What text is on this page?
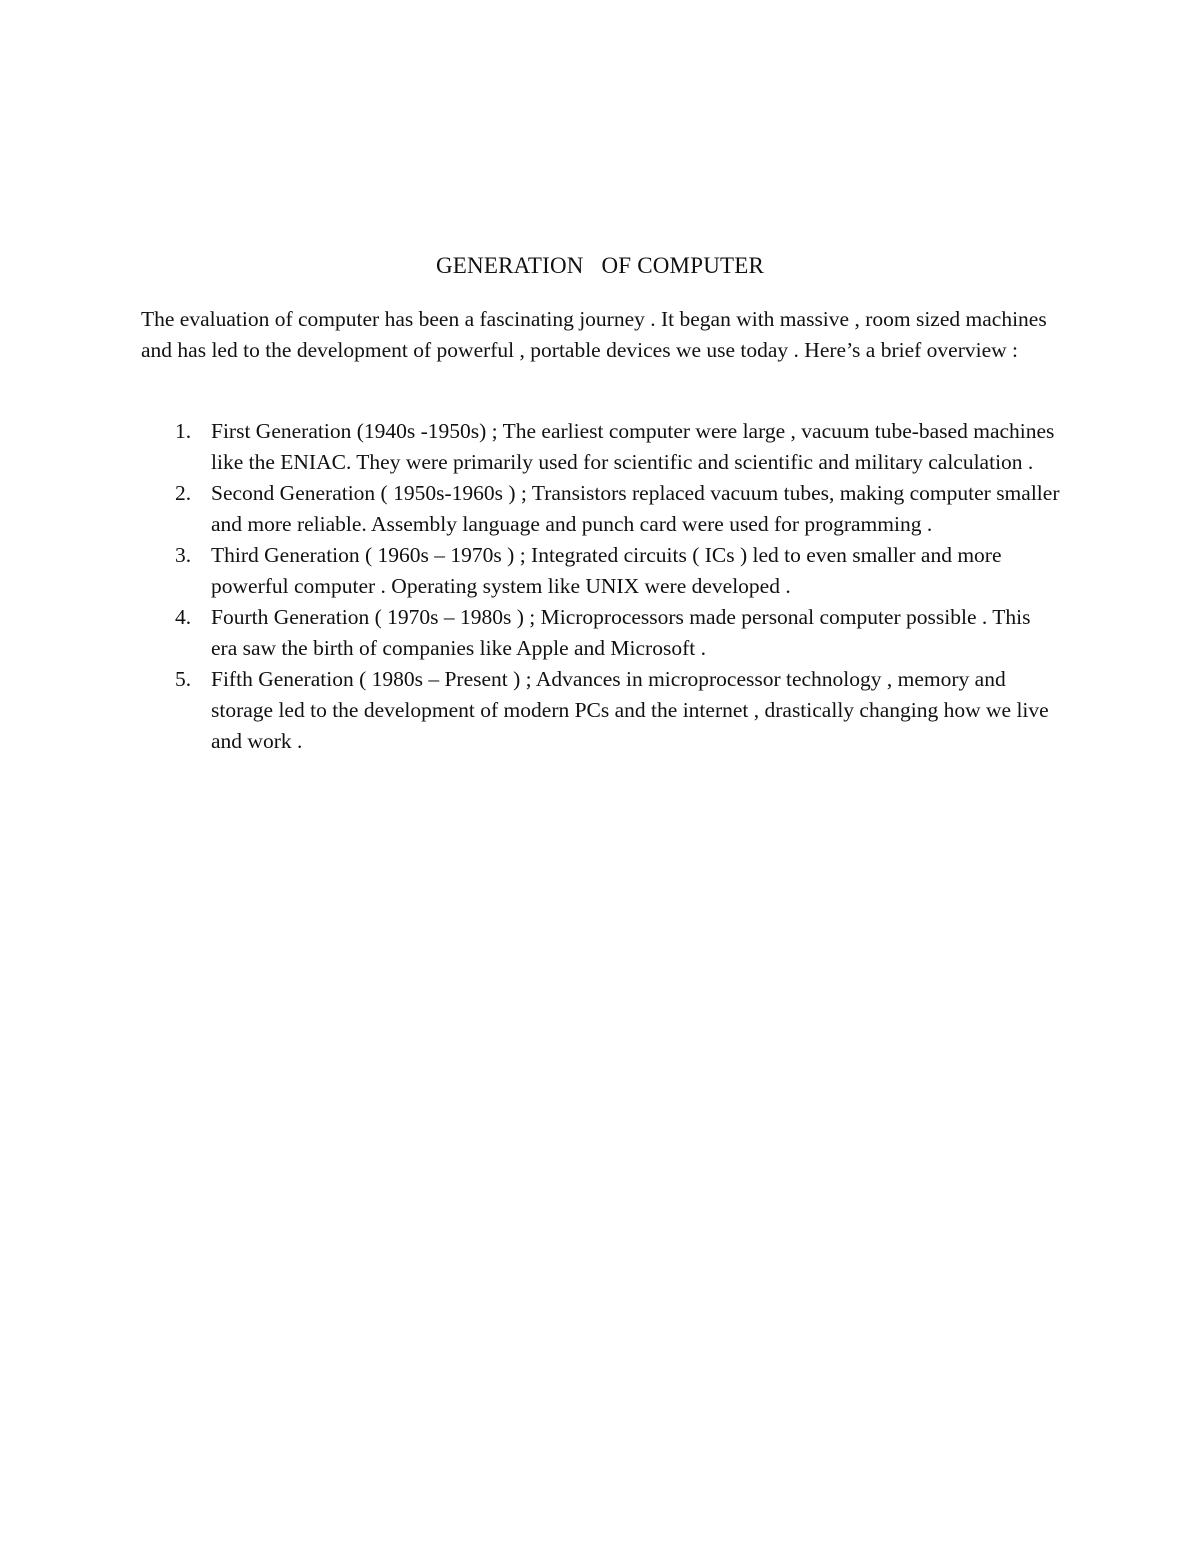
GENERATION   OF COMPUTER

The evaluation of computer has been a fascinating journey . It began with massive , room sized machines and has led to the development of powerful , portable devices we use today . Here’s a brief overview :

1. First Generation (1940s -1950s) ; The earliest computer were large , vacuum tube-based machines like the ENIAC. They were primarily used for scientific and scientific and military calculation .
2. Second Generation ( 1950s-1960s ) ; Transistors replaced vacuum tubes, making computer smaller and more reliable. Assembly language and punch card were used for programming .
3. Third Generation ( 1960s – 1970s ) ; Integrated circuits ( ICs ) led to even smaller and more powerful computer . Operating system like UNIX were developed .
4. Fourth Generation ( 1970s – 1980s ) ; Microprocessors made personal computer possible . This era saw the birth of companies like Apple and Microsoft .
5. Fifth Generation ( 1980s – Present ) ; Advances in microprocessor technology , memory and storage led to the development of modern PCs and the internet , drastically changing how we live and work .
